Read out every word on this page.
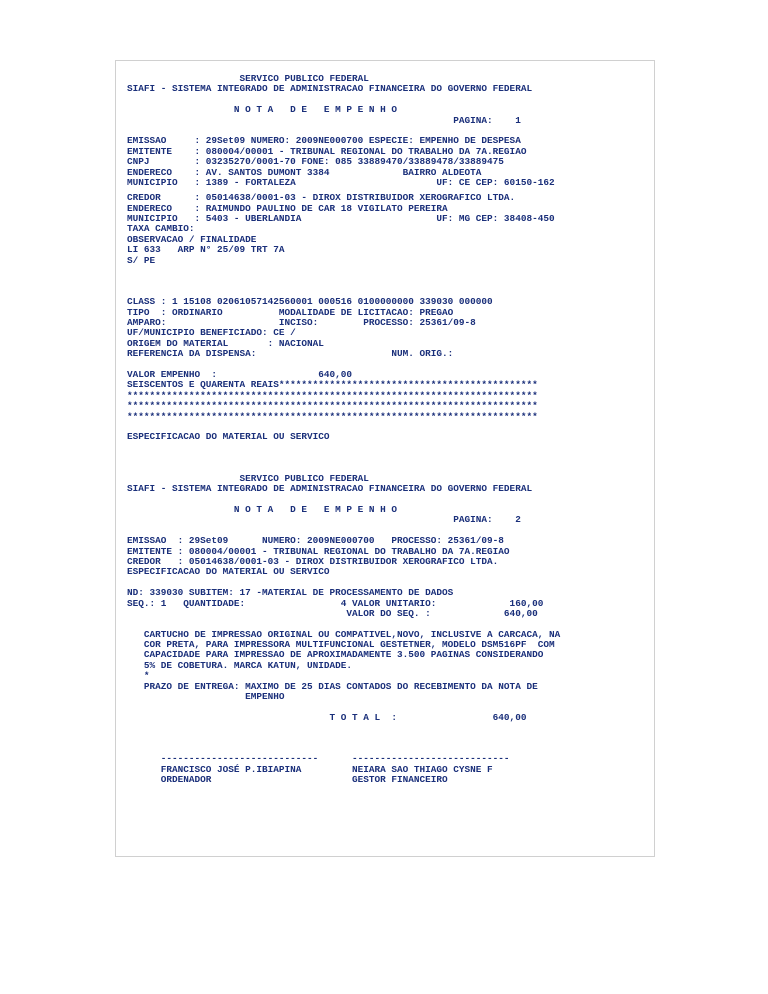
SERVICO PUBLICO FEDERAL
SIAFI - SISTEMA INTEGRADO DE ADMINISTRACAO FINANCEIRA DO GOVERNO FEDERAL
N O T A   D E   E M P E N H O
PAGINA:    1
EMISSAO     : 29Set09 NUMERO: 2009NE000700 ESPECIE: EMPENHO DE DESPESA
EMITENTE    : 080004/00001 - TRIBUNAL REGIONAL DO TRABALHO DA 7A.REGIAO
CNPJ        : 03235270/0001-70 FONE: 085 33889470/33889478/33889475
ENDERECO    : AV. SANTOS DUMONT 3384             BAIRRO ALDEOTA
MUNICIPIO   : 1389 - FORTALEZA                         UF: CE CEP: 60150-162
CREDOR      : 05014638/0001-03 - DIROX DISTRIBUIDOR XEROGRAFICO LTDA.
ENDERECO    : RAIMUNDO PAULINO DE CAR 18 VIGILATO PEREIRA
MUNICIPIO   : 5403 - UBERLANDIA                        UF: MG CEP: 38408-450
TAXA CAMBIO:
OBSERVACAO / FINALIDADE
LI 633   ARP N° 25/09 TRT 7A
S/ PE
CLASS : 1 15108 02061057142560001 000516 0100000000 339030 000000
TIPO  : ORDINARIO          MODALIDADE DE LICITACAO: PREGAO
AMPARO:                    INCISO:        PROCESSO: 25361/09-8
UF/MUNICIPIO BENEFICIADO: CE /
ORIGEM DO MATERIAL       : NACIONAL
REFERENCIA DA DISPENSA:                        NUM. ORIG.:
VALOR EMPENHO  :                  640,00
SEISCENTOS E QUARENTA REAIS**********************************************
*************************************************************************
*************************************************************************
*************************************************************************
ESPECIFICACAO DO MATERIAL OU SERVICO
SERVICO PUBLICO FEDERAL
SIAFI - SISTEMA INTEGRADO DE ADMINISTRACAO FINANCEIRA DO GOVERNO FEDERAL
N O T A   D E   E M P E N H O
PAGINA:    2
EMISSAO  : 29Set09      NUMERO: 2009NE000700   PROCESSO: 25361/09-8
EMITENTE : 080004/00001 - TRIBUNAL REGIONAL DO TRABALHO DA 7A.REGIAO
CREDOR   : 05014638/0001-03 - DIROX DISTRIBUIDOR XEROGRAFICO LTDA.
ESPECIFICACAO DO MATERIAL OU SERVICO
ND: 339030 SUBITEM: 17 -MATERIAL DE PROCESSAMENTO DE DADOS
SEQ.: 1   QUANTIDADE:                 4 VALOR UNITARIO:             160,00
VALOR DO SEQ. :             640,00
CARTUCHO DE IMPRESSAO ORIGINAL OU COMPATIVEL,NOVO, INCLUSIVE A CARCACA, NA
COR PRETA, PARA IMPRESSORA MULTIFUNCIONAL GESTETNER, MODELO DSM516PF  COM
CAPACIDADE PARA IMPRESSAO DE APROXIMADAMENTE 3.500 PAGINAS CONSIDERANDO
5% DE COBETURA. MARCA KATUN, UNIDADE.
*
PRAZO DE ENTREGA: MAXIMO DE 25 DIAS CONTADOS DO RECEBIMENTO DA NOTA DE
EMPENHO
T O T A L  :                 640,00
----------------------------      ----------------------------
FRANCISCO JOSÉ P.IBIAPINA         NEIARA SAO THIAGO CYSNE F
ORDENADOR                         GESTOR FINANCEIRO
